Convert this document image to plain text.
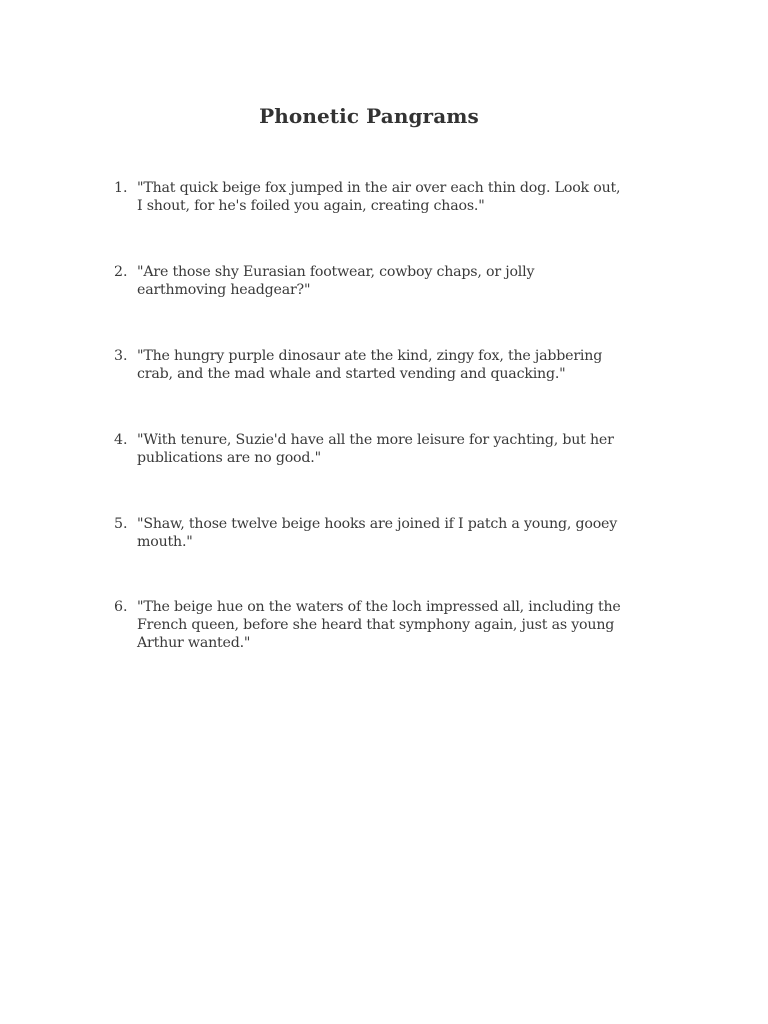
Phonetic Pangrams
1. "That quick beige fox jumped in the air over each thin dog. Look out, I shout, for he's foiled you again, creating chaos."
2. "Are those shy Eurasian footwear, cowboy chaps, or jolly earthmoving headgear?"
3. "The hungry purple dinosaur ate the kind, zingy fox, the jabbering crab, and the mad whale and started vending and quacking."
4. "With tenure, Suzie'd have all the more leisure for yachting, but her publications are no good."
5. "Shaw, those twelve beige hooks are joined if I patch a young, gooey mouth."
6. "The beige hue on the waters of the loch impressed all, including the French queen, before she heard that symphony again, just as young Arthur wanted."
